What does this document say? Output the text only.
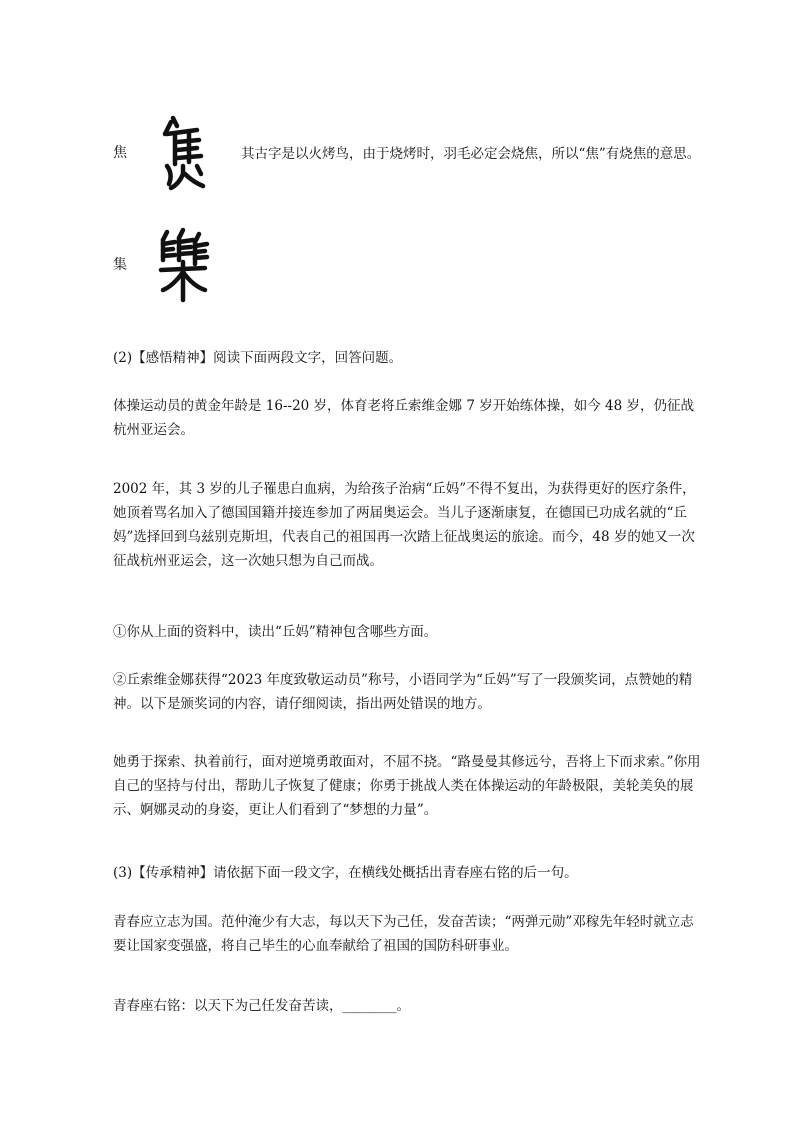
焦	其古字是以火烤鸟，由于烧烤时，羽毛必定会烧焦，所以“焦”有烧焦的意思。
集

(2)【感悟精神】阅读下面两段文字，回答问题。

体操运动员的黄金年龄是 16--20 岁，体育老将丘索维金娜 7 岁开始练体操，如今 48 岁，仍征战杭州亚运会。

2002 年，其 3 岁的儿子罹患白血病，为给孩子治病“丘妈”不得不复出，为获得更好的医疗条件，她顶着骂名加入了德国国籍并接连参加了两届奥运会。当儿子逐渐康复，在德国已功成名就的“丘妈”选择回到乌兹别克斯坦，代表自己的祖国再一次踏上征战奥运的旅途。而今，48 岁的她又一次征战杭州亚运会，这一次她只想为自己而战。

①你从上面的资料中，读出“丘妈”精神包含哪些方面。

②丘索维金娜获得“2023 年度致敬运动员”称号，小语同学为“丘妈”写了一段颁奖词，点赞她的精神。以下是颁奖词的内容，请仔细阅读，指出两处错误的地方。

她勇于探索、执着前行，面对逆境勇敢面对，不屈不挠。“路曼曼其修远兮，吾将上下而求索。”你用自己的坚持与付出，帮助儿子恢复了健康；你勇于挑战人类在体操运动的年龄极限，美轮美奂的展示、婀娜灵动的身姿，更让人们看到了“梦想的力量”。

(3)【传承精神】请依据下面一段文字，在横线处概括出青春座右铭的后一句。

青春应立志为国。范仲淹少有大志，每以天下为己任，发奋苦读；“两弹元勋”邓稼先年轻时就立志要让国家变强盛，将自己毕生的心血奉献给了祖国的国防科研事业。

青春座右铭：以天下为己任发奋苦读，________。
